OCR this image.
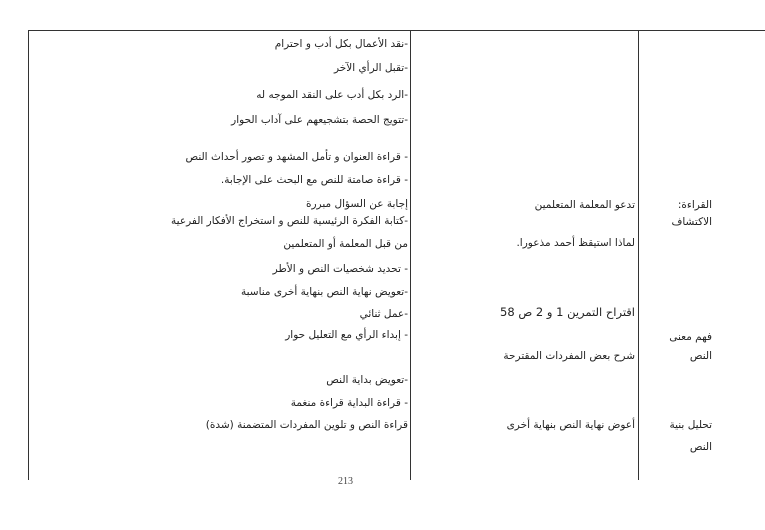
-نقد الأعمال بكل أدب و احترام
-تقبل الرأي الآخر
-الرد بكل أدب على النقد الموجه له
-تتويج الحصة بتشجيعهم على آداب الحوار
- قراءة العنوان و تأمل المشهد و تصور أحداث النص
- قراءة صامتة للنص مع البحث على الإجابة.
إجابة عن السؤال مبررة
-كتابة الفكرة الرئيسية للنص و استخراج الأفكار الفرعية
من قبل المعلمة أو المتعلمين
- تحديد شخصيات النص و الأطر
-تعويض نهاية النص بنهاية أخرى مناسبة
-عمل ثنائي
- إبداء الرأي مع التعليل حوار
-تعويض بداية النص
- قراءة البداية قراءة منغمة
قراءة النص و تلوين المفردات المتضمنة (شدة)
تدعو المعلمة المتعلمين
لماذا استيقظ أحمد مذعورا.
اقتراح التمرين 1 و 2 ص 58
شرح بعض المفردات المقترحة
أعوض نهاية النص بنهاية أخرى
القراءة:
الاكتشاف
فهم معنى
النص
تحليل بنية
النص
213
